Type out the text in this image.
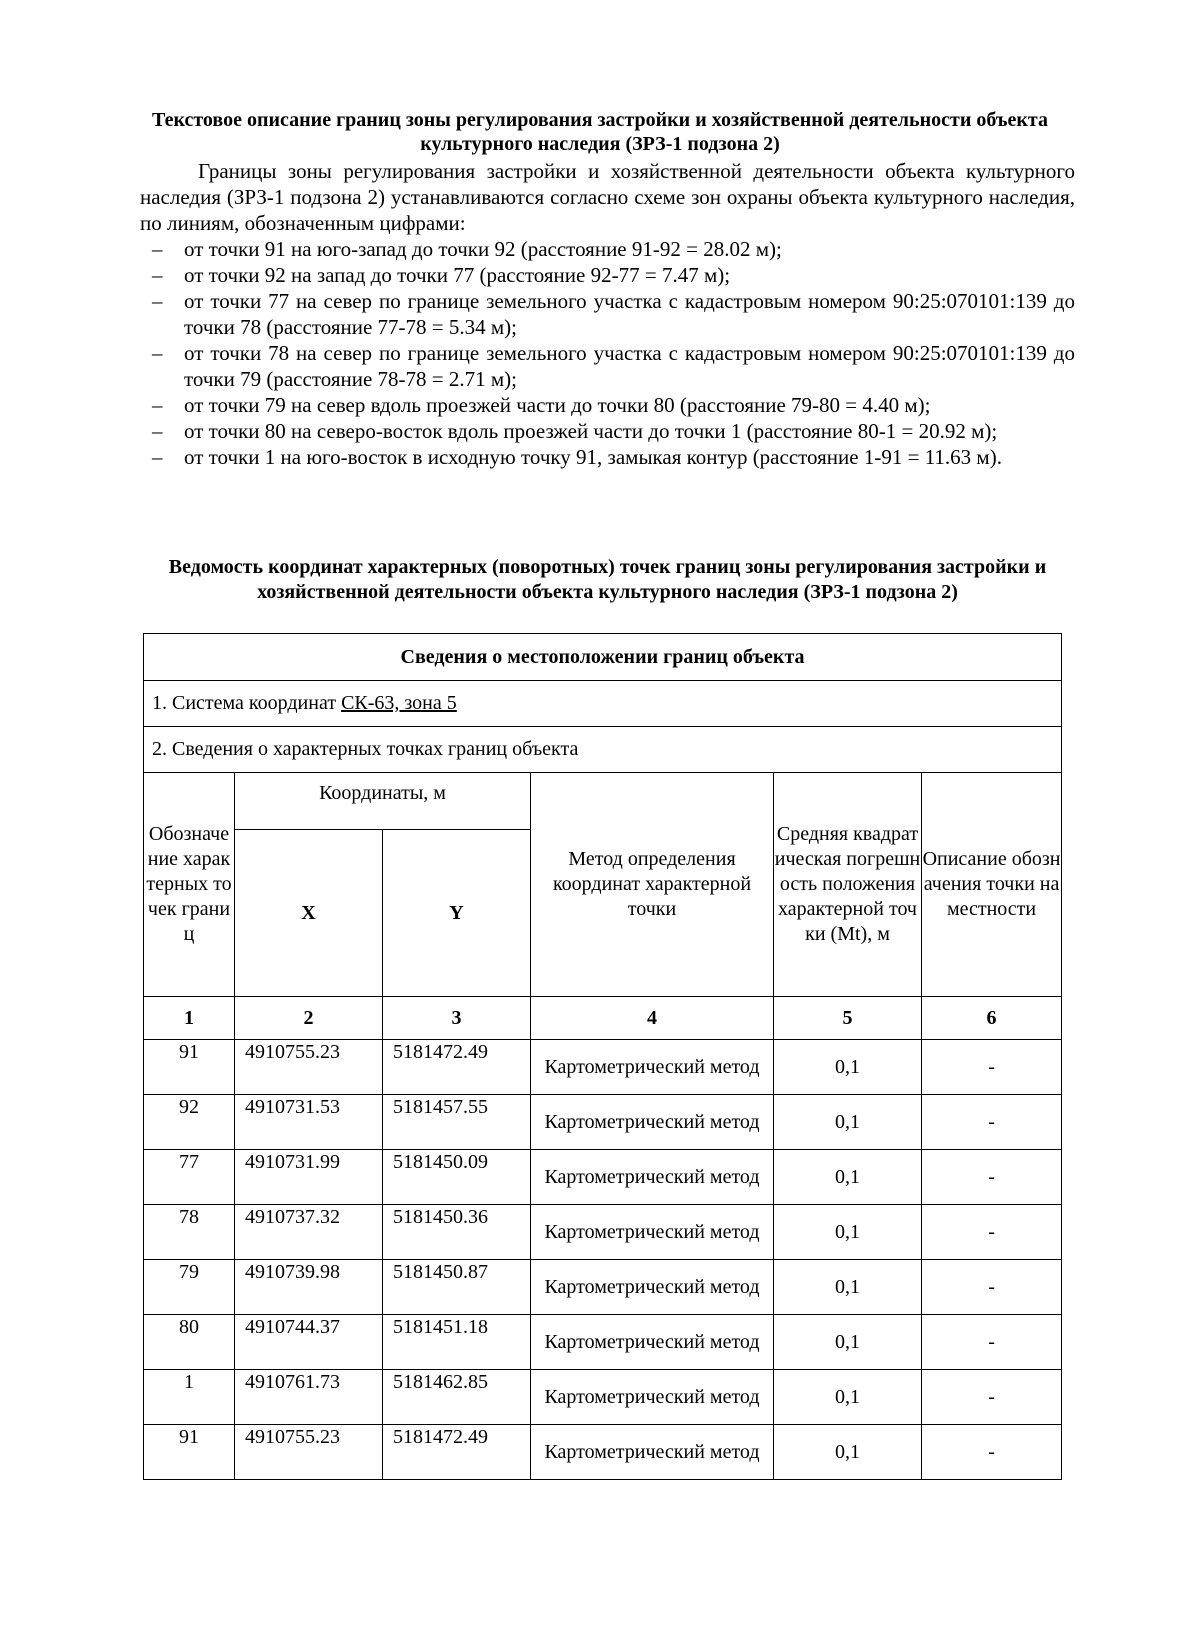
Текстовое описание границ зоны регулирования застройки и хозяйственной деятельности объекта культурного наследия (ЗРЗ-1 подзона 2)
Границы зоны регулирования застройки и хозяйственной деятельности объекта культурного наследия (ЗРЗ-1 подзона 2) устанавливаются согласно схеме зон охраны объекта культурного наследия, по линиям, обозначенным цифрами:
– от точки 91 на юго-запад до точки 92 (расстояние 91-92 = 28.02 м);
– от точки 92 на запад до точки 77 (расстояние 92-77 = 7.47 м);
– от точки 77 на север по границе земельного участка с кадастровым номером 90:25:070101:139 до точки 78 (расстояние 77-78 = 5.34 м);
– от точки 78 на север по границе земельного участка с кадастровым номером 90:25:070101:139 до точки 79 (расстояние 78-78 = 2.71 м);
– от точки 79 на север вдоль проезжей части до точки 80 (расстояние 79-80 = 4.40 м);
– от точки 80 на северо-восток вдоль проезжей части до точки 1 (расстояние 80-1 = 20.92 м);
– от точки 1 на юго-восток в исходную точку 91, замыкая контур (расстояние 1-91 = 11.63 м).
Ведомость координат характерных (поворотных) точек границ зоны регулирования застройки и хозяйственной деятельности объекта культурного наследия (ЗРЗ-1 подзона 2)
Сведения о местоположении границ объекта					
1. Система координат СК-63, зона 5					
2. Сведения о характерных точках границ объекта					
Обозначение характерных точек границ	Координаты, м		Метод определения координат характерной точки	Средняя квадратическая погрешность положения характерной точки (Mt), м	Описание обозначения точки на местности
	X	Y			
1	2	3	4	5	6
91	4910755.23	5181472.49	Картометрический метод	0,1	-
92	4910731.53	5181457.55	Картометрический метод	0,1	-
77	4910731.99	5181450.09	Картометрический метод	0,1	-
78	4910737.32	5181450.36	Картометрический метод	0,1	-
79	4910739.98	5181450.87	Картометрический метод	0,1	-
80	4910744.37	5181451.18	Картометрический метод	0,1	-
1	4910761.73	5181462.85	Картометрический метод	0,1	-
91	4910755.23	5181472.49	Картометрический метод	0,1	-
